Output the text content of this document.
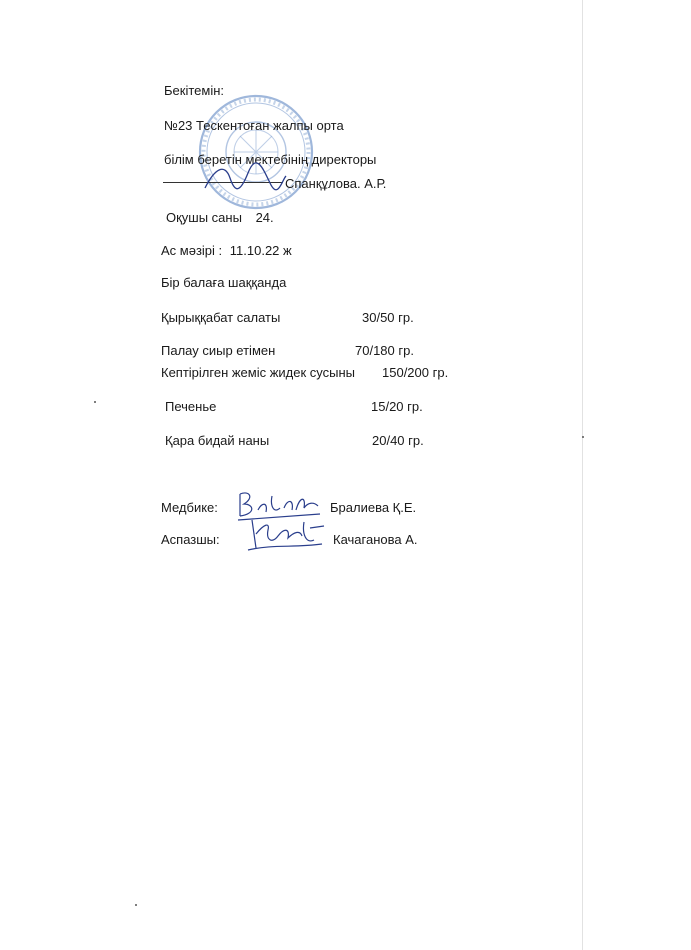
Бекітемін:
№23 Тескентоған жалпы орта
білім беретін мектебінің директоры
Спанқұлова. А.Р.
Оқушы саны 24.
Ас мәзірі : 11.10.22 ж
Бір балаға шаққанда
Қырыққабат салаты	30/50 гр.
Палау сиыр етімен	70/180 гр.
Кептірілген жеміс жидек сусыны 150/200 гр.
Печенье	15/20 гр.
Қара бидай наны	20/40 гр.
Медбике:	Бралиева Қ.Е.
Аспазшы:	Качаганова А.
